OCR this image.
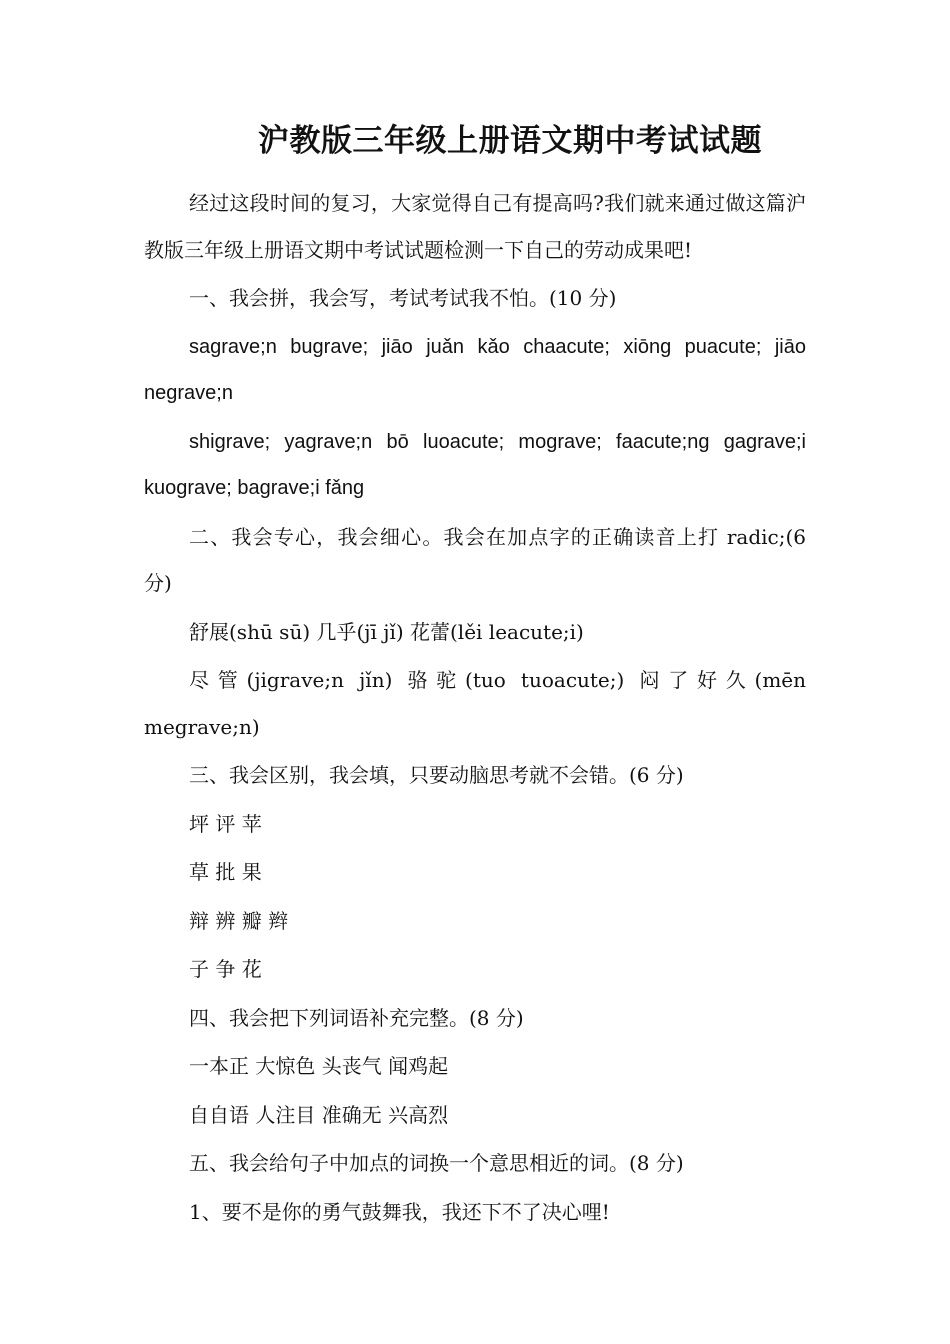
沪教版三年级上册语文期中考试试题

经过这段时间的复习，大家觉得自己有提高吗?我们就来通过做这篇沪教版三年级上册语文期中考试试题检测一下自己的劳动成果吧!

一、我会拼，我会写，考试考试我不怕。(10 分)

sagrave;n bugrave; jiāo juǎn kǎo chaacute; xiōng puacute; jiāo negrave;n

shigrave; yagrave;n bō luoacute; mograve; faacute;ng gagrave;i kuograve; bagrave;i fǎng

二、我会专心，我会细心。我会在加点字的正确读音上打 radic;(6 分)

舒展(shū sū) 几乎(jī jǐ) 花蕾(lěi leacute;i)

尽管(jigrave;n jǐn) 骆驼(tuo tuoacute;) 闷了好久(mēn megrave;n)

三、我会区别，我会填，只要动脑思考就不会错。(6 分)

坪 评 苹

草 批 果

辩 辨 瓣 辫

子 争 花

四、我会把下列词语补充完整。(8 分)

一本正 大惊色 头丧气 闻鸡起

自自语 人注目 准确无 兴高烈

五、我会给句子中加点的词换一个意思相近的词。(8 分)

1、要不是你的勇气鼓舞我，我还下不了决心哩!
